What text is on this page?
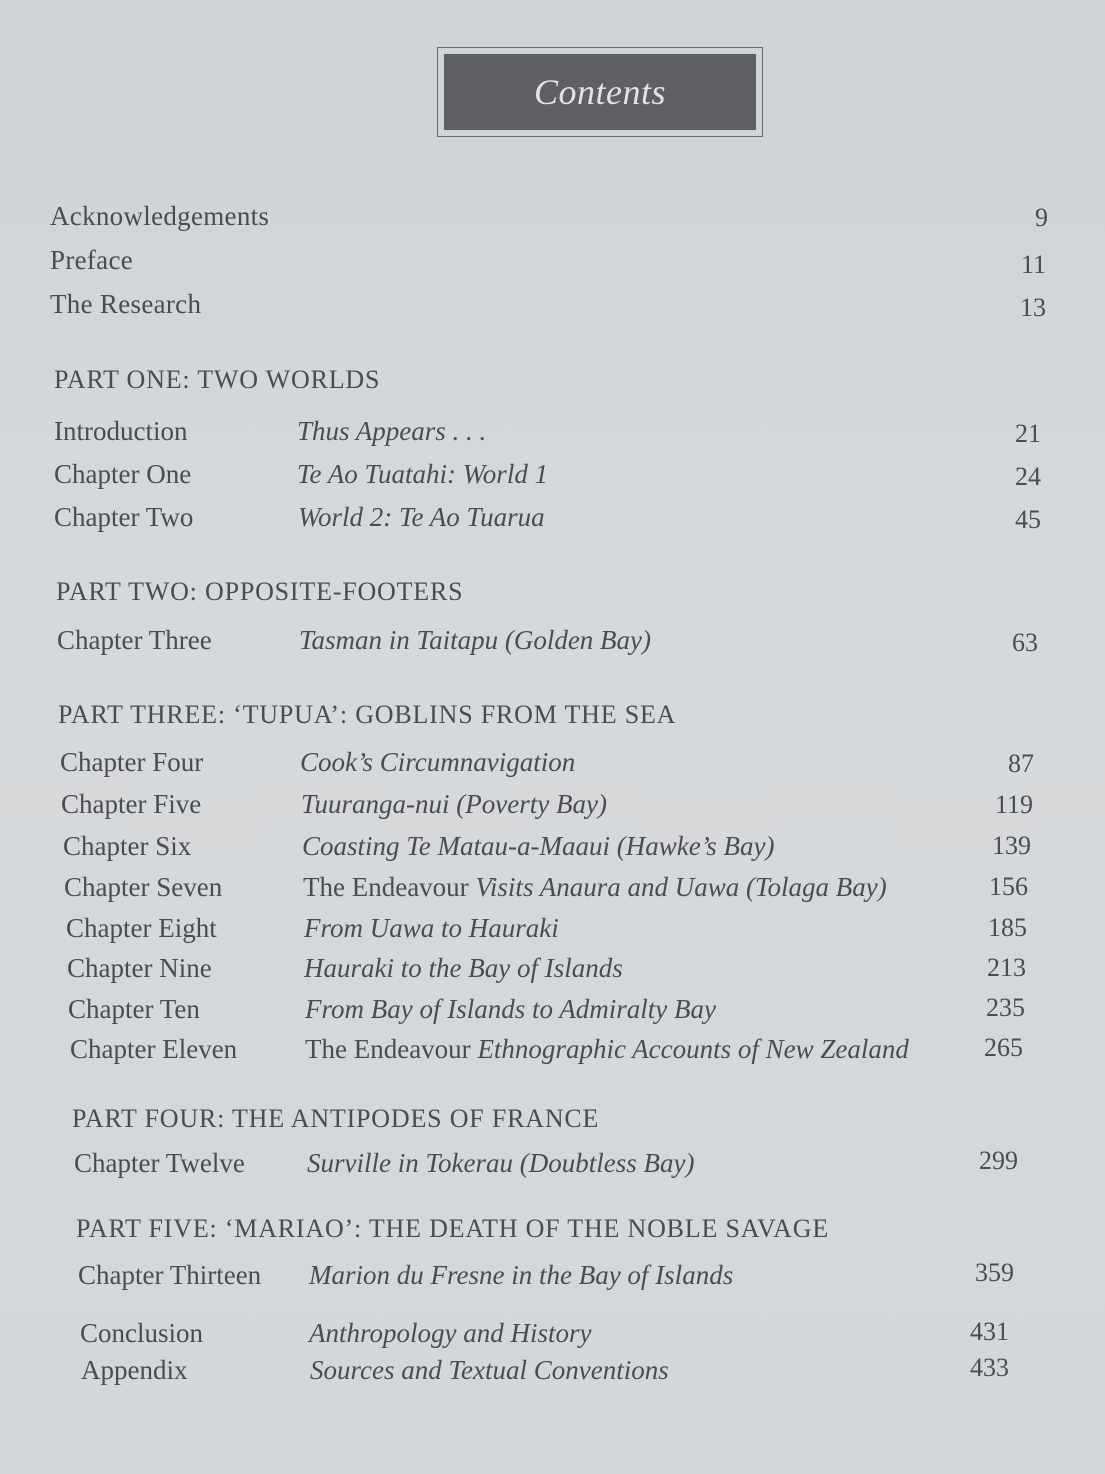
Contents
Acknowledgements	9
Preface	11
The Research	13
PART ONE: TWO WORLDS
Introduction	Thus Appears . . .	21
Chapter One	Te Ao Tuatahi: World 1	24
Chapter Two	World 2: Te Ao Tuarua	45
PART TWO: OPPOSITE-FOOTERS
Chapter Three	Tasman in Taitapu (Golden Bay)	63
PART THREE: ‘TUPUA’: GOBLINS FROM THE SEA
Chapter Four	Cook’s Circumnavigation	87
Chapter Five	Tuuranga-nui (Poverty Bay)	119
Chapter Six	Coasting Te Matau-a-Maaui (Hawke’s Bay)	139
Chapter Seven	The Endeavour Visits Anaura and Uawa (Tolaga Bay)	156
Chapter Eight	From Uawa to Hauraki	185
Chapter Nine	Hauraki to the Bay of Islands	213
Chapter Ten	From Bay of Islands to Admiralty Bay	235
Chapter Eleven	The Endeavour Ethnographic Accounts of New Zealand	265
PART FOUR: THE ANTIPODES OF FRANCE
Chapter Twelve Surville in Tokerau (Doubtless Bay)	299
PART FIVE: ‘MARIAO’: THE DEATH OF THE NOBLE SAVAGE
Chapter Thirteen Marion du Fresne in the Bay of Islands	359
Conclusion	Anthropology and History	431
Appendix	Sources and Textual Conventions	433
